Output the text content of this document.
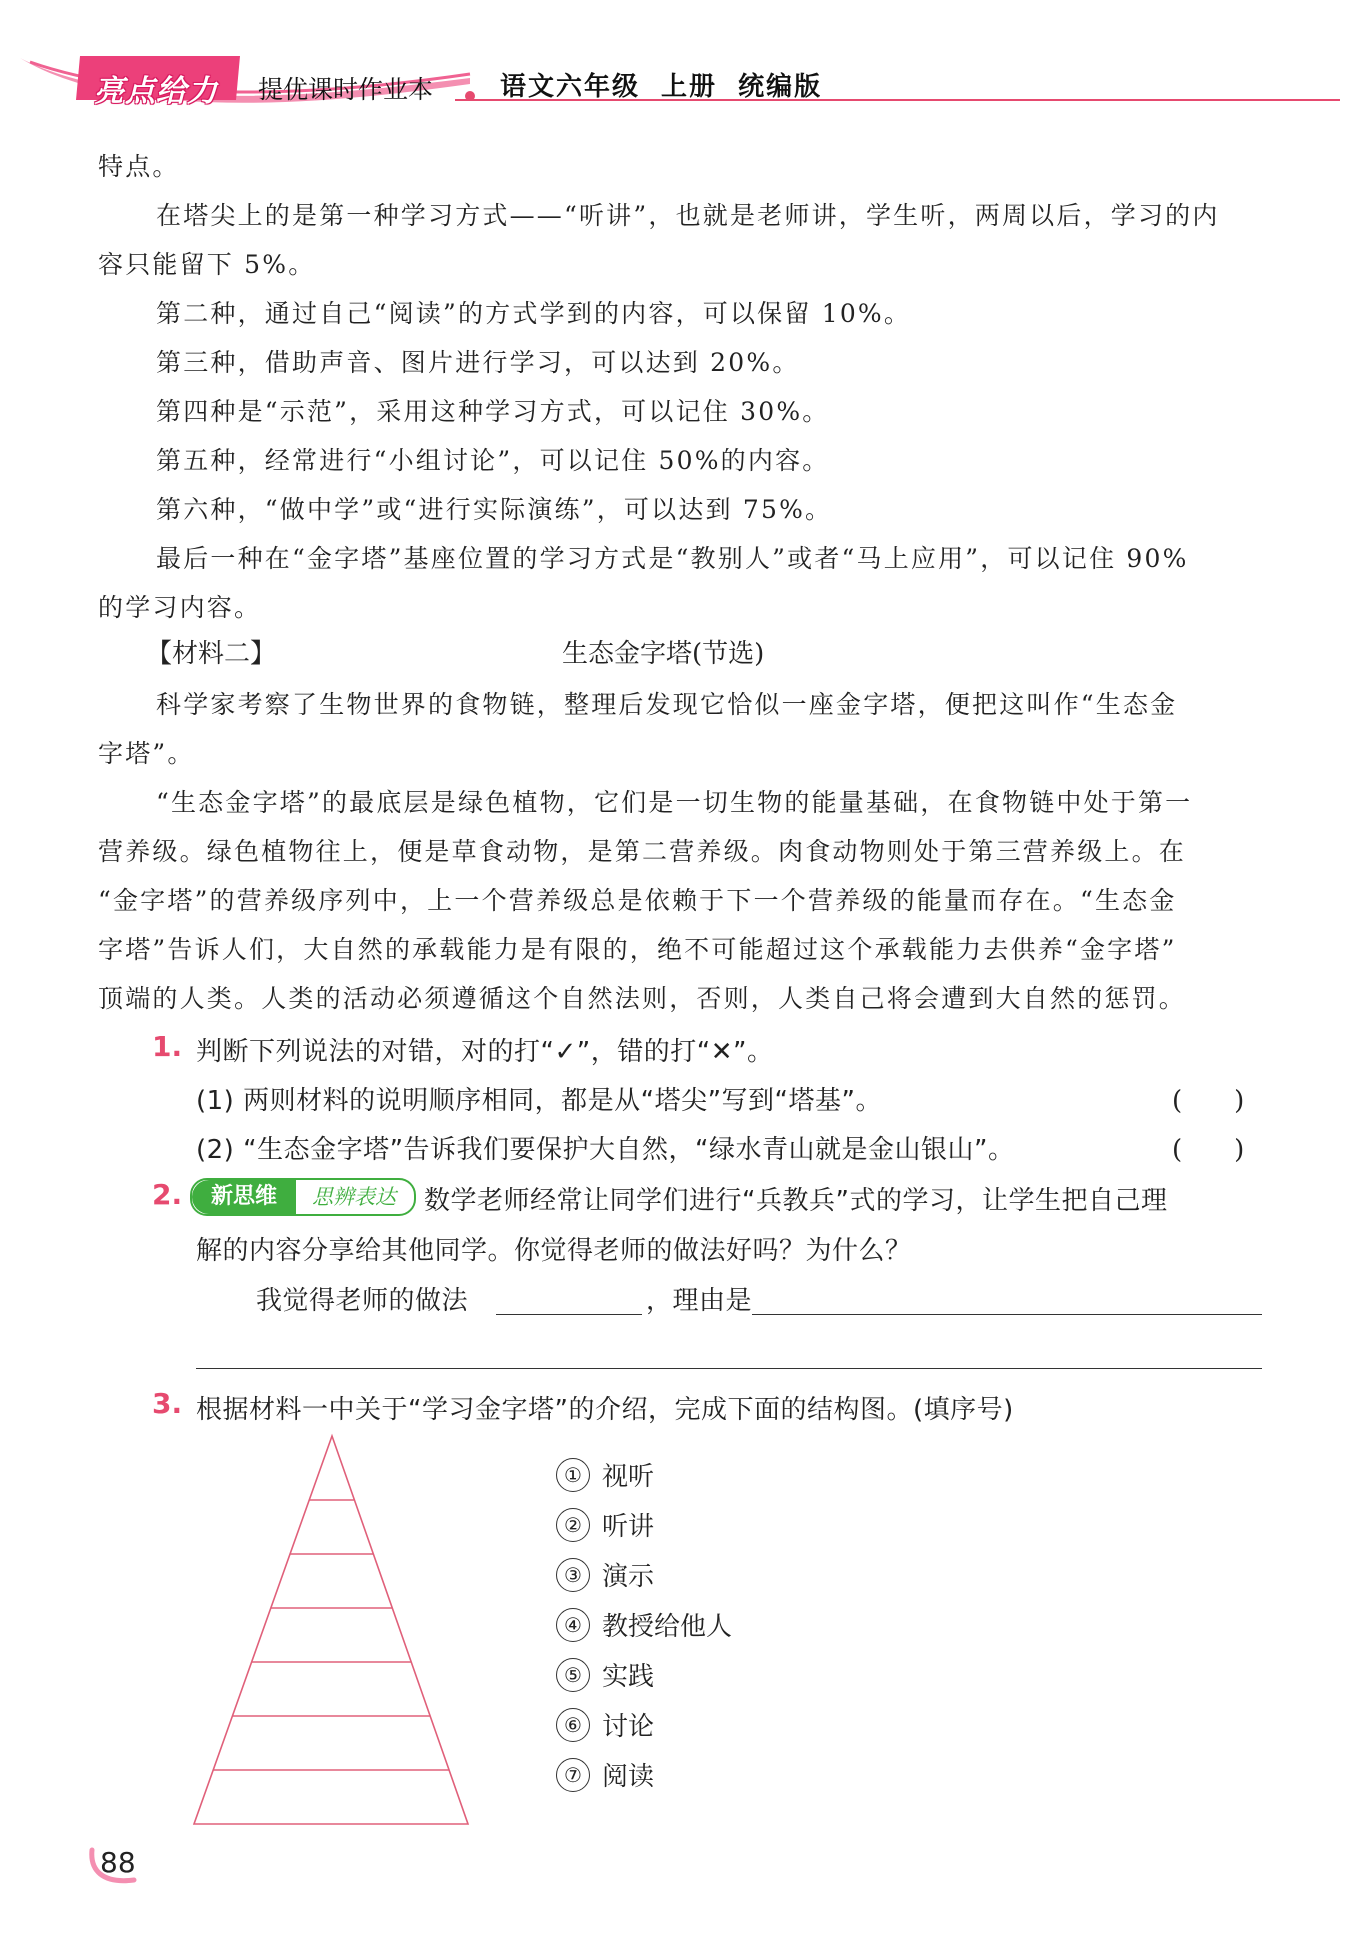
亮点给力 提优课时作业本	语文六年级 上册 统编版
特点。
在塔尖上的是第一种学习方式——“听讲”，也就是老师讲，学生听，两周以后，学习的内
容只能留下 5%。
第二种，通过自己“阅读”的方式学到的内容，可以保留 10%。
第三种，借助声音、图片进行学习，可以达到 20%。
第四种是“示范”，采用这种学习方式，可以记住 30%。
第五种，经常进行“小组讨论”，可以记住 50%的内容。
第六种，“做中学”或“进行实际演练”，可以达到 75%。
最后一种在“金字塔”基座位置的学习方式是“教别人”或者“马上应用”，可以记住 90%
的学习内容。
【材料二】	生态金字塔(节选)
科学家考察了生物世界的食物链，整理后发现它恰似一座金字塔，便把这叫作“生态金
字塔”。
“生态金字塔”的最底层是绿色植物，它们是一切生物的能量基础，在食物链中处于第一
营养级。绿色植物往上，便是草食动物，是第二营养级。肉食动物则处于第三营养级上。在
“金字塔”的营养级序列中，上一个营养级总是依赖于下一个营养级的能量而存在。“生态金
字塔”告诉人们，大自然的承载能力是有限的，绝不可能超过这个承载能力去供养“金字塔”
顶端的人类。人类的活动必须遵循这个自然法则，否则，人类自己将会遭到大自然的惩罚。
1. 判断下列说法的对错，对的打“✓”，错的打“✕”。
(1) 两则材料的说明顺序相同，都是从“塔尖”写到“塔基”。	(　　)
(2) “生态金字塔”告诉我们要保护大自然，“绿水青山就是金山银山”。	(　　)
2.	新思维	思辨表达	数学老师经常让同学们进行“兵教兵”式的学习，让学生把自己理
解的内容分享给其他同学。你觉得老师的做法好吗？为什么？
我觉得老师的做法	，理由是
3. 根据材料一中关于“学习金字塔”的介绍，完成下面的结构图。(填序号)
① 视听
② 听讲
③ 演示
④ 教授给他人
⑤ 实践
⑥ 讨论
⑦ 阅读
88
